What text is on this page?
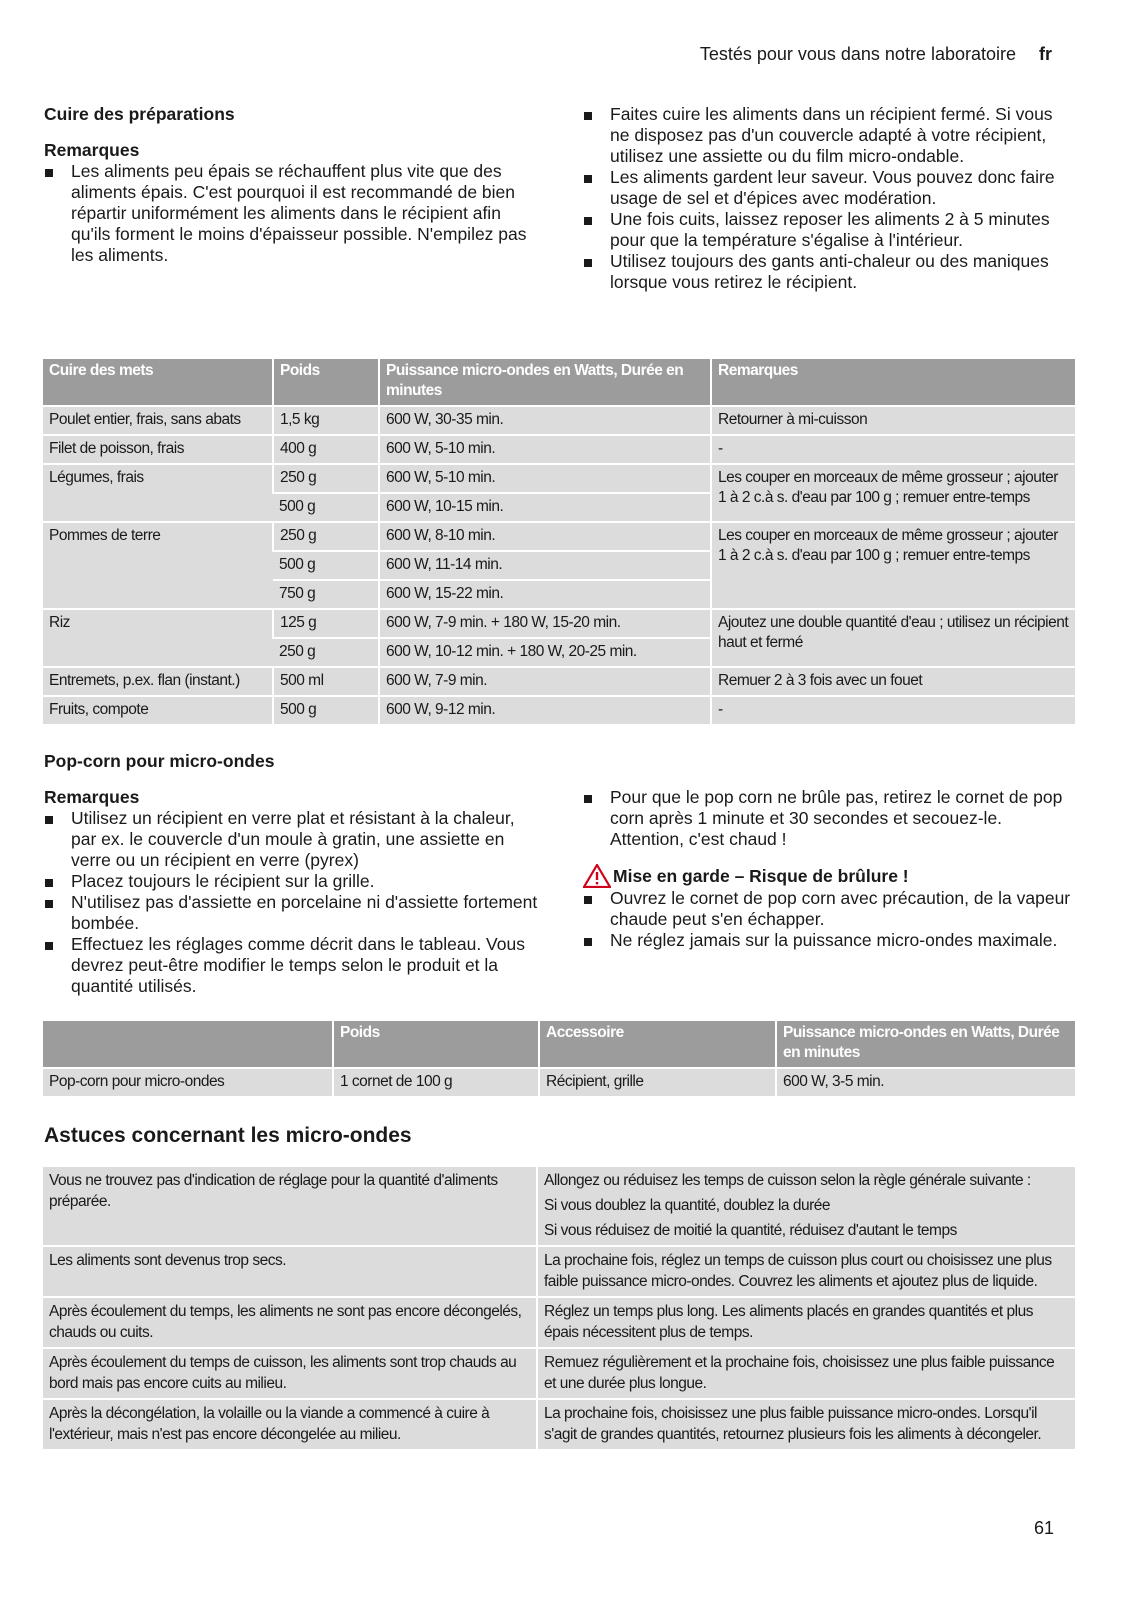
Testés pour vous dans notre laboratoire fr
Cuire des préparations
Remarques
Les aliments peu épais se réchauffent plus vite que des aliments épais. C'est pourquoi il est recommandé de bien répartir uniformément les aliments dans le récipient afin qu'ils forment le moins d'épaisseur possible. N'empilez pas les aliments.
Faites cuire les aliments dans un récipient fermé. Si vous ne disposez pas d'un couvercle adapté à votre récipient, utilisez une assiette ou du film micro-ondable.
Les aliments gardent leur saveur. Vous pouvez donc faire usage de sel et d'épices avec modération.
Une fois cuits, laissez reposer les aliments 2 à 5 minutes pour que la température s'égalise à l'intérieur.
Utilisez toujours des gants anti-chaleur ou des maniques lorsque vous retirez le récipient.
Cuire des mets	Poids	Puissance micro-ondes en Watts, Durée en minutes	Remarques
Poulet entier, frais, sans abats	1,5 kg	600 W, 30-35 min.	Retourner à mi-cuisson
Filet de poisson, frais	400 g	600 W, 5-10 min.	-
Légumes, frais	250 g	600 W, 5-10 min.	Les couper en morceaux de même grosseur ; ajouter 1 à 2 c.à s. d'eau par 100 g ; remuer entre-temps
	500 g	600 W, 10-15 min.	
Pommes de terre	250 g	600 W, 8-10 min.	Les couper en morceaux de même grosseur ; ajouter 1 à 2 c.à s. d'eau par 100 g ; remuer entre-temps
	500 g	600 W, 11-14 min.	
	750 g	600 W, 15-22 min.	
Riz	125 g	600 W, 7-9 min. + 180 W, 15-20 min.	Ajoutez une double quantité d'eau ; utilisez un récipient haut et fermé
	250 g	600 W, 10-12 min. + 180 W, 20-25 min.	
Entremets, p.ex. flan (instant.)	500 ml	600 W, 7-9 min.	Remuer 2 à 3 fois avec un fouet
Fruits, compote	500 g	600 W, 9-12 min.	-
Pop-corn pour micro-ondes
Remarques
Utilisez un récipient en verre plat et résistant à la chaleur, par ex. le couvercle d'un moule à gratin, une assiette en verre ou un récipient en verre (pyrex)
Placez toujours le récipient sur la grille.
N'utilisez pas d'assiette en porcelaine ni d'assiette fortement bombée.
Effectuez les réglages comme décrit dans le tableau. Vous devrez peut-être modifier le temps selon le produit et la quantité utilisés.
Pour que le pop corn ne brûle pas, retirez le cornet de pop corn après 1 minute et 30 secondes et secouez-le. Attention, c'est chaud !
Mise en garde – Risque de brûlure !
Ouvrez le cornet de pop corn avec précaution, de la vapeur chaude peut s'en échapper.
Ne réglez jamais sur la puissance micro-ondes maximale.
	Poids	Accessoire	Puissance micro-ondes en Watts, Durée en minutes
Pop-corn pour micro-ondes	1 cornet de 100 g	Récipient, grille	600 W, 3-5 min.
Astuces concernant les micro-ondes
Vous ne trouvez pas d'indication de réglage pour la quantité d'aliments préparée.	Allongez ou réduisez les temps de cuisson selon la règle générale suivante :
Si vous doublez la quantité, doublez la durée
Si vous réduisez de moitié la quantité, réduisez d'autant le temps

Les aliments sont devenus trop secs.	La prochaine fois, réglez un temps de cuisson plus court ou choisissez une plus faible puissance micro-ondes. Couvrez les aliments et ajoutez plus de liquide.
Après écoulement du temps, les aliments ne sont pas encore décongelés, chauds ou cuits.	Réglez un temps plus long. Les aliments placés en grandes quantités et plus épais nécessitent plus de temps.
Après écoulement du temps de cuisson, les aliments sont trop chauds au bord mais pas encore cuits au milieu.	Remuez régulièrement et la prochaine fois, choisissez une plus faible puissance et une durée plus longue.
Après la décongélation, la volaille ou la viande a commencé à cuire à l'extérieur, mais n'est pas encore décongelée au milieu.	La prochaine fois, choisissez une plus faible puissance micro-ondes. Lorsqu'il s'agit de grandes quantités, retournez plusieurs fois les aliments à décongeler.
61
